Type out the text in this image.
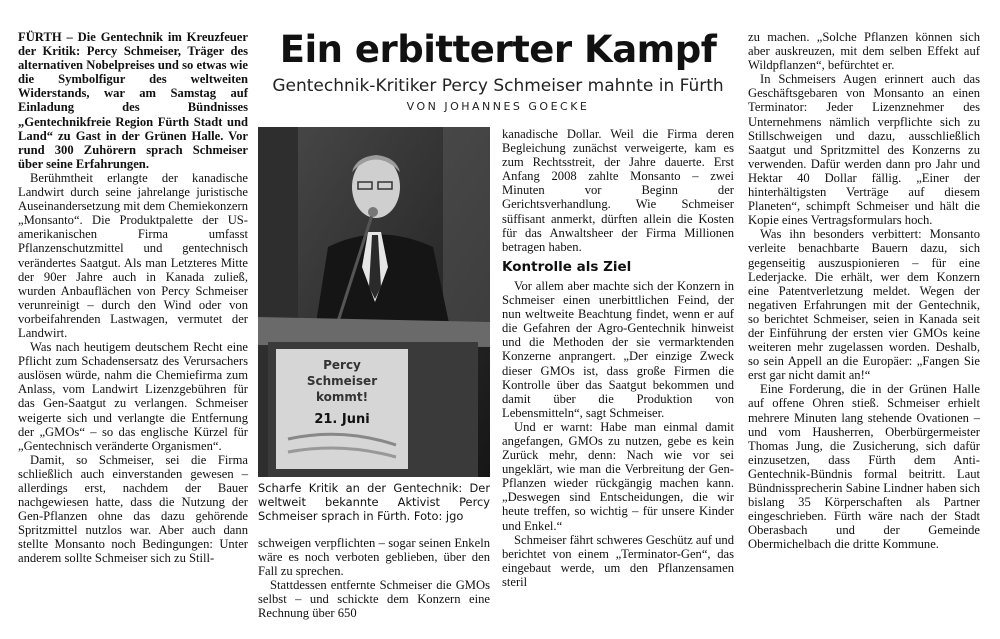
FÜRTH – Die Gentechnik im Kreuzfeuer der Kritik: Percy Schmeiser, Träger des alternativen Nobelpreises und so etwas wie die Symbolfigur des weltweiten Widerstands, war am Samstag auf Einladung des Bündnisses „Gentechnikfreie Region Fürth Stadt und Land“ zu Gast in der Grünen Halle. Vor rund 300 Zuhörern sprach Schmeiser über seine Erfahrungen.

Berühmtheit erlangte der kanadische Landwirt durch seine jahrelange juristische Auseinandersetzung mit dem Chemiekonzern „Monsanto“. Die Produktpalette der US-amerikanischen Firma umfasst Pflanzenschutzmittel und gentechnisch verändertes Saatgut. Als man Letzteres Mitte der 90er Jahre auch in Kanada zuließ, wurden Anbauflächen von Percy Schmeiser verunreinigt – durch den Wind oder von vorbeifahrenden Lastwagen, vermutet der Landwirt.

Was nach heutigem deutschem Recht eine Pflicht zum Schadensersatz des Verursachers auslösen würde, nahm die Chemiefirma zum Anlass, vom Landwirt Lizenzgebühren für das Gen-Saatgut zu verlangen. Schmeiser weigerte sich und verlangte die Entfernung der „GMOs“ – so das englische Kürzel für „Gentechnisch veränderte Organismen“.

Damit, so Schmeiser, sei die Firma schließlich auch einverstanden gewesen – allerdings erst, nachdem der Bauer nachgewiesen hatte, dass die Nutzung der Gen-Pflanzen ohne das dazu gehörende Spritzmittel nutzlos war. Aber auch dann stellte Monsanto noch Bedingungen: Unter anderem sollte Schmeiser sich zu Still-

Ein erbitterter Kampf
Gentechnik-Kritiker Percy Schmeiser mahnte in Fürth
VON JOHANNES GOECKE
Percy
Schmeiser
kommt!
21. Juni
Scharfe Kritik an der Gentechnik: Der weltweit bekannte Aktivist Percy Schmeiser sprach in Fürth. Foto: jgo

schweigen verpflichten – sogar seinen Enkeln wäre es noch verboten geblieben, über den Fall zu sprechen.

Stattdessen entfernte Schmeiser die GMOs selbst – und schickte dem Konzern eine Rechnung über 650

kanadische Dollar. Weil die Firma deren Begleichung zunächst verweigerte, kam es zum Rechtsstreit, der Jahre dauerte. Erst Anfang 2008 zahlte Monsanto – zwei Minuten vor Beginn der Gerichtsverhandlung. Wie Schmeiser süffisant anmerkt, dürften allein die Kosten für das Anwaltsheer der Firma Millionen betragen haben.

Kontrolle als Ziel

Vor allem aber machte sich der Konzern in Schmeiser einen unerbittlichen Feind, der nun weltweite Beachtung findet, wenn er auf die Gefahren der Agro-Gentechnik hinweist und die Methoden der sie vermarktenden Konzerne anprangert. „Der einzige Zweck dieser GMOs ist, dass große Firmen die Kontrolle über das Saatgut bekommen und damit über die Produktion von Lebensmitteln“, sagt Schmeiser.

Und er warnt: Habe man einmal damit angefangen, GMOs zu nutzen, gebe es kein Zurück mehr, denn: Nach wie vor sei ungeklärt, wie man die Verbreitung der Gen-Pflanzen wieder rückgängig machen kann. „Deswegen sind Entscheidungen, die wir heute treffen, so wichtig – für unsere Kinder und Enkel.“

Schmeiser fährt schweres Geschütz auf und berichtet von einem „Terminator-Gen“, das eingebaut werde, um den Pflanzensamen steril

zu machen. „Solche Pflanzen können sich aber auskreuzen, mit dem selben Effekt auf Wildpflanzen“, befürchtet er.

In Schmeisers Augen erinnert auch das Geschäftsgebaren von Monsanto an einen Terminator: Jeder Lizenznehmer des Unternehmens nämlich verpflichte sich zu Stillschweigen und dazu, ausschließlich Saatgut und Spritzmittel des Konzerns zu verwenden. Dafür werden dann pro Jahr und Hektar 40 Dollar fällig. „Einer der hinterhältigsten Verträge auf diesem Planeten“, schimpft Schmeiser und hält die Kopie eines Vertragsformulars hoch.

Was ihn besonders verbittert: Monsanto verleite benachbarte Bauern dazu, sich gegenseitig auszuspionieren – für eine Lederjacke. Die erhält, wer dem Konzern eine Patentverletzung meldet. Wegen der negativen Erfahrungen mit der Gentechnik, so berichtet Schmeiser, seien in Kanada seit der Einführung der ersten vier GMOs keine weiteren mehr zugelassen worden. Deshalb, so sein Appell an die Europäer: „Fangen Sie erst gar nicht damit an!“

Eine Forderung, die in der Grünen Halle auf offene Ohren stieß. Schmeiser erhielt mehrere Minuten lang stehende Ovationen – und vom Hausherren, Oberbürgermeister Thomas Jung, die Zusicherung, sich dafür einzusetzen, dass Fürth dem Anti-Gentechnik-Bündnis formal beitritt. Laut Bündnissprecherin Sabine Lindner haben sich bislang 35 Körperschaften als Partner eingeschrieben. Fürth wäre nach der Stadt Oberasbach und der Gemeinde Obermichelbach die dritte Kommune.
